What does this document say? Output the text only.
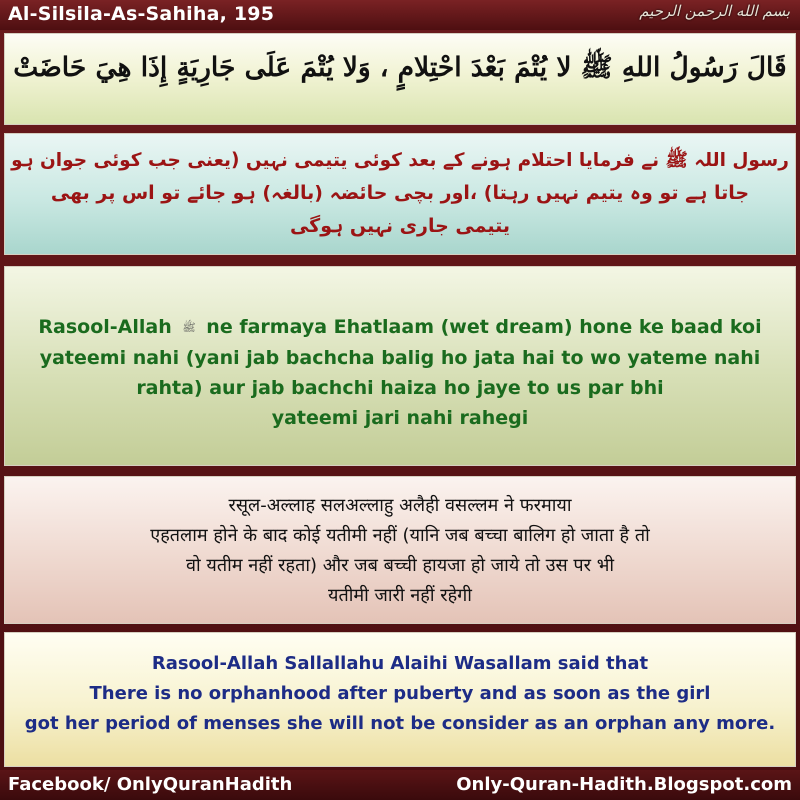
Al-Silsila-As-Sahiha, 195	بسم الله الرحمن الرحيم
قَالَ رَسُولُ اللهِ ﷺ لا يُتْمَ بَعْدَ احْتِلامٍ ، وَلا يُتْمَ عَلَى جَارِيَةٍ إِذَا هِيَ حَاضَتْ
رسول اللہ ﷺ نے فرمایا احتلام ہونے کے بعد کوئی یتیمی نہیں (یعنی جب کوئی جوان ہو
جاتا ہے تو وہ یتیم نہیں رہتا) ،اور بچی حائضہ (بالغہ) ہو جائے تو اس پر بھی
یتیمی جاری نہیں ہوگی
Rasool-Allah ﷺ ne farmaya Ehatlaam (wet dream) hone ke baad koi
yateemi nahi (yani jab bachcha balig ho jata hai to wo yateme nahi
rahta) aur jab bachchi haiza ho jaye to us par bhi
yateemi jari nahi rahegi
रसूल-अल्लाह सलअल्लाहु अलैही वसल्लम ने फरमाया
एहतलाम होने के बाद कोई यतीमी नहीं (यानि जब बच्चा बालिग हो जाता है तो
वो यतीम नहीं रहता) और जब बच्ची हायजा हो जाये तो उस पर भी
यतीमी जारी नहीं रहेगी
Rasool-Allah Sallallahu Alaihi Wasallam said that
There is no orphanhood after puberty and as soon as the girl
got her period of menses she will not be consider as an orphan any more.
Facebook/ OnlyQuranHadith	Only-Quran-Hadith.Blogspot.com
